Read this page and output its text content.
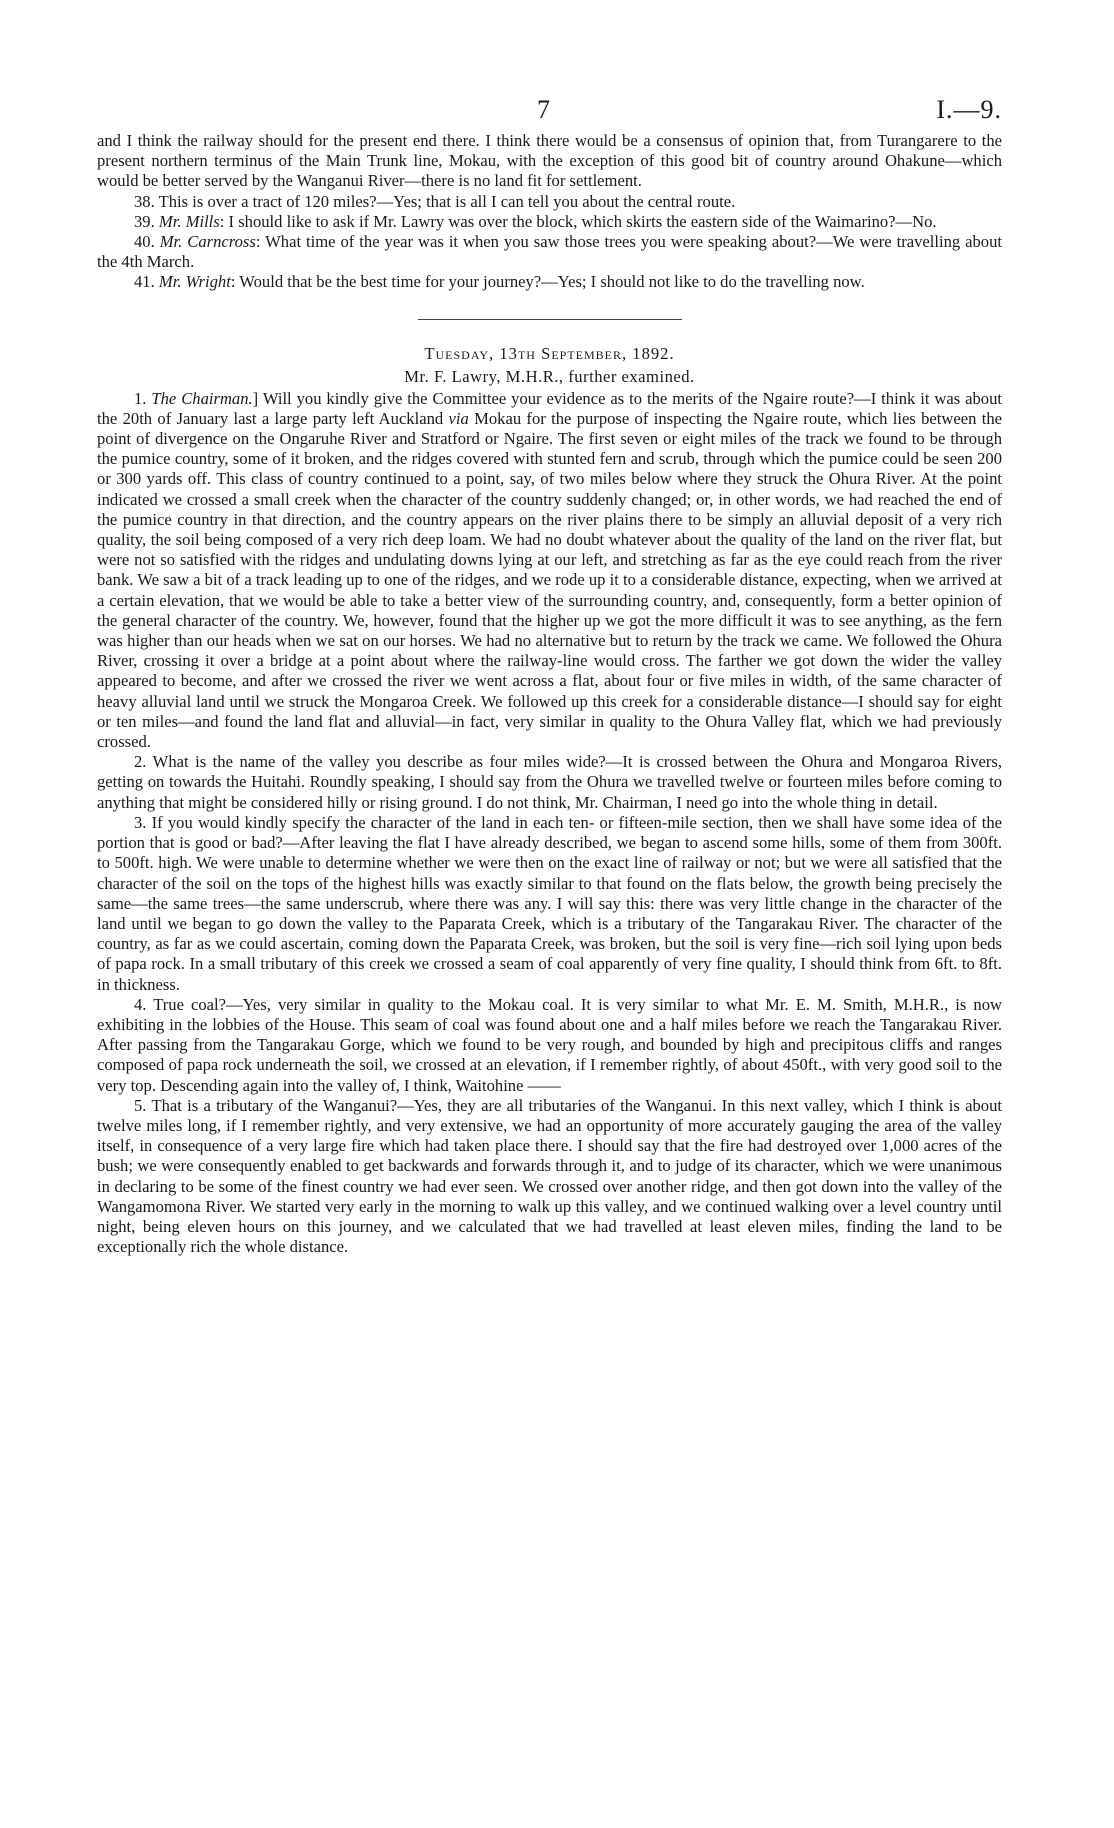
7	I.—9.

and I think the railway should for the present end there. I think there would be a consensus of opinion that, from Turangarere to the present northern terminus of the Main Trunk line, Mokau, with the exception of this good bit of country around Ohakune—which would be better served by the Wanganui River—there is no land fit for settlement.

38. This is over a tract of 120 miles?—Yes; that is all I can tell you about the central route.

39. Mr. Mills: I should like to ask if Mr. Lawry was over the block, which skirts the eastern side of the Waimarino?—No.

40. Mr. Carncross: What time of the year was it when you saw those trees you were speaking about?—We were travelling about the 4th March.

41. Mr. Wright: Would that be the best time for your journey?—Yes; I should not like to do the travelling now.

Tuesday, 13th September, 1892.
Mr. F. Lawry, M.H.R., further examined.

1. The Chairman.] Will you kindly give the Committee your evidence as to the merits of the Ngaire route?—I think it was about the 20th of January last a large party left Auckland via Mokau for the purpose of inspecting the Ngaire route, which lies between the point of divergence on the Ongaruhe River and Stratford or Ngaire. The first seven or eight miles of the track we found to be through the pumice country, some of it broken, and the ridges covered with stunted fern and scrub, through which the pumice could be seen 200 or 300 yards off. This class of country continued to a point, say, of two miles below where they struck the Ohura River. At the point indicated we crossed a small creek when the character of the country suddenly changed; or, in other words, we had reached the end of the pumice country in that direction, and the country appears on the river plains there to be simply an alluvial deposit of a very rich quality, the soil being composed of a very rich deep loam. We had no doubt whatever about the quality of the land on the river flat, but were not so satisfied with the ridges and undulating downs lying at our left, and stretching as far as the eye could reach from the river bank. We saw a bit of a track leading up to one of the ridges, and we rode up it to a considerable distance, expecting, when we arrived at a certain elevation, that we would be able to take a better view of the surrounding country, and, consequently, form a better opinion of the general character of the country. We, however, found that the higher up we got the more difficult it was to see anything, as the fern was higher than our heads when we sat on our horses. We had no alternative but to return by the track we came. We followed the Ohura River, crossing it over a bridge at a point about where the railway-line would cross. The farther we got down the wider the valley appeared to become, and after we crossed the river we went across a flat, about four or five miles in width, of the same character of heavy alluvial land until we struck the Mongaroa Creek. We followed up this creek for a considerable distance—I should say for eight or ten miles—and found the land flat and alluvial—in fact, very similar in quality to the Ohura Valley flat, which we had previously crossed.

2. What is the name of the valley you describe as four miles wide?—It is crossed between the Ohura and Mongaroa Rivers, getting on towards the Huitahi. Roundly speaking, I should say from the Ohura we travelled twelve or fourteen miles before coming to anything that might be considered hilly or rising ground. I do not think, Mr. Chairman, I need go into the whole thing in detail.

3. If you would kindly specify the character of the land in each ten- or fifteen-mile section, then we shall have some idea of the portion that is good or bad?—After leaving the flat I have already described, we began to ascend some hills, some of them from 300ft. to 500ft. high. We were unable to determine whether we were then on the exact line of railway or not; but we were all satisfied that the character of the soil on the tops of the highest hills was exactly similar to that found on the flats below, the growth being precisely the same—the same trees—the same underscrub, where there was any. I will say this: there was very little change in the character of the land until we began to go down the valley to the Paparata Creek, which is a tributary of the Tangarakau River. The character of the country, as far as we could ascertain, coming down the Paparata Creek, was broken, but the soil is very fine—rich soil lying upon beds of papa rock. In a small tributary of this creek we crossed a seam of coal apparently of very fine quality, I should think from 6ft. to 8ft. in thickness.

4. True coal?—Yes, very similar in quality to the Mokau coal. It is very similar to what Mr. E. M. Smith, M.H.R., is now exhibiting in the lobbies of the House. This seam of coal was found about one and a half miles before we reach the Tangarakau River. After passing from the Tangarakau Gorge, which we found to be very rough, and bounded by high and precipitous cliffs and ranges composed of papa rock underneath the soil, we crossed at an elevation, if I remember rightly, of about 450ft., with very good soil to the very top. Descending again into the valley of, I think, Waitohine ——

5. That is a tributary of the Wanganui?—Yes, they are all tributaries of the Wanganui. In this next valley, which I think is about twelve miles long, if I remember rightly, and very extensive, we had an opportunity of more accurately gauging the area of the valley itself, in consequence of a very large fire which had taken place there. I should say that the fire had destroyed over 1,000 acres of the bush; we were consequently enabled to get backwards and forwards through it, and to judge of its character, which we were unanimous in declaring to be some of the finest country we had ever seen. We crossed over another ridge, and then got down into the valley of the Wangamomona River. We started very early in the morning to walk up this valley, and we continued walking over a level country until night, being eleven hours on this journey, and we calculated that we had travelled at least eleven miles, finding the land to be exceptionally rich the whole distance.
